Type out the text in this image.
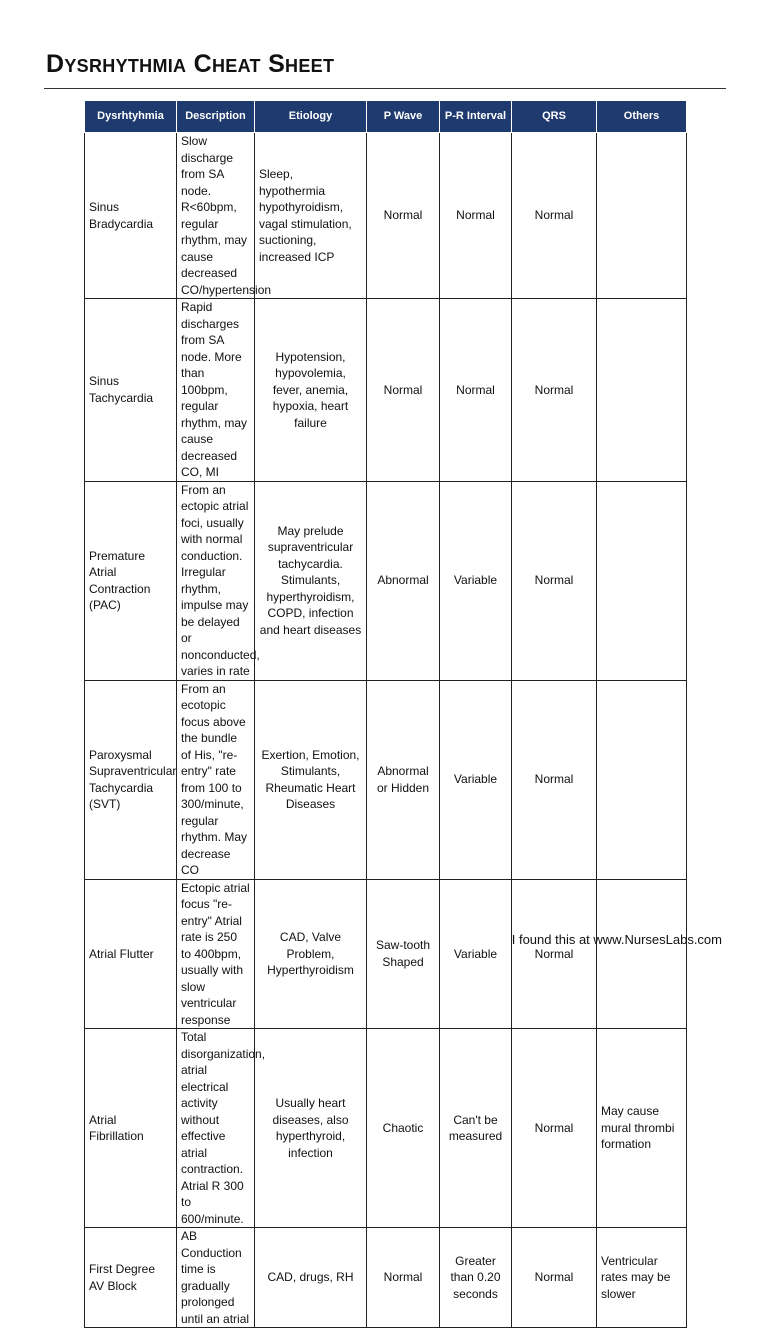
Dysrhythmia Cheat Sheet
Dysrhtyhmia	Description	Etiology	P Wave	P-R Interval	QRS	Others
Sinus Bradycardia	Slow discharge from SA node. R<60bpm, regular rhythm, may cause decreased CO/hypertension	Sleep, hypothermia hypothyroidism, vagal stimulation, suctioning, increased ICP	Normal	Normal	Normal	
Sinus Tachycardia	Rapid discharges from SA node. More than 100bpm, regular rhythm, may cause decreased CO, MI	Hypotension, hypovolemia, fever, anemia, hypoxia, heart failure	Normal	Normal	Normal	
Premature Atrial Contraction (PAC)	From an ectopic atrial foci, usually with normal conduction. Irregular rhythm, impulse may be delayed or nonconducted, varies in rate	May prelude supraventricular tachycardia. Stimulants, hyperthyroidism, COPD, infection and heart diseases	Abnormal	Variable	Normal	
Paroxysmal Supraventricular Tachycardia (SVT)	From an ecotopic focus above the bundle of His, "re-entry" rate from 100 to 300/minute, regular rhythm. May decrease CO	Exertion, Emotion, Stimulants, Rheumatic Heart Diseases	Abnormal or Hidden	Variable	Normal	
Atrial Flutter	Ectopic atrial focus "re-entry" Atrial rate is 250 to 400bpm, usually with slow ventricular response	CAD, Valve Problem, Hyperthyroidism	Saw-tooth Shaped	Variable	Normal	
Atrial Fibrillation	Total disorganization, atrial electrical activity without effective atrial contraction. Atrial R 300 to 600/minute.	Usually heart diseases, also hyperthyroid, infection	Chaotic	Can't be measured	Normal	May cause mural thrombi formation
First Degree AV Block	AB Conduction time is gradually prolonged until an atrial	CAD, drugs, RH	Normal	Greater than 0.20 seconds	Normal	Ventricular rates may be slower
I found this at www.NursesLabs.com
